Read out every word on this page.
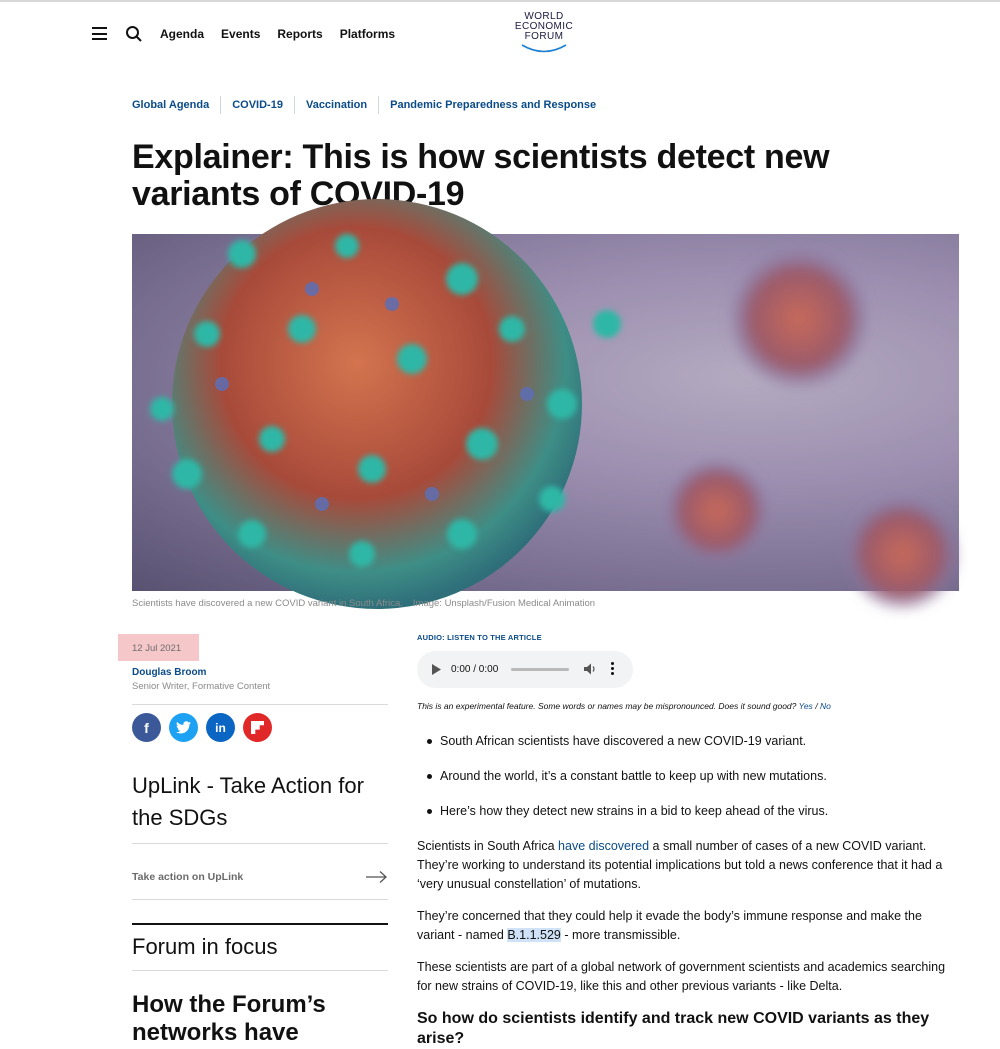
Agenda Events Reports Platforms
WORLD
ECONOMIC
FORUM
Global Agenda	COVID-19	Vaccination	Pandemic Preparedness and Response
Explainer: This is how scientists detect new variants of COVID-19
Scientists have discovered a new COVID variant in South Africa. Image: Unsplash/Fusion Medical Animation
12 Jul 2021
Douglas Broom
Senior Writer, Formative Content
f	in
UpLink - Take Action for the SDGs
Take action on UpLink
Forum in focus
How the Forum’s networks have
AUDIO: LISTEN TO THE ARTICLE
0:00 / 0:00
This is an experimental feature. Some words or names may be mispronounced. Does it sound good? Yes / No
South African scientists have discovered a new COVID-19 variant.
Around the world, it’s a constant battle to keep up with new mutations.
Here’s how they detect new strains in a bid to keep ahead of the virus.

Scientists in South Africa have discovered a small number of cases of a new COVID variant. They’re working to understand its potential implications but told a news conference that it had a ‘very unusual constellation’ of mutations.

They’re concerned that they could help it evade the body’s immune response and make the variant - named B.1.1.529 - more transmissible.

These scientists are part of a global network of government scientists and academics searching for new strains of COVID-19, like this and other previous variants - like Delta.

So how do scientists identify and track new COVID variants as they arise?
